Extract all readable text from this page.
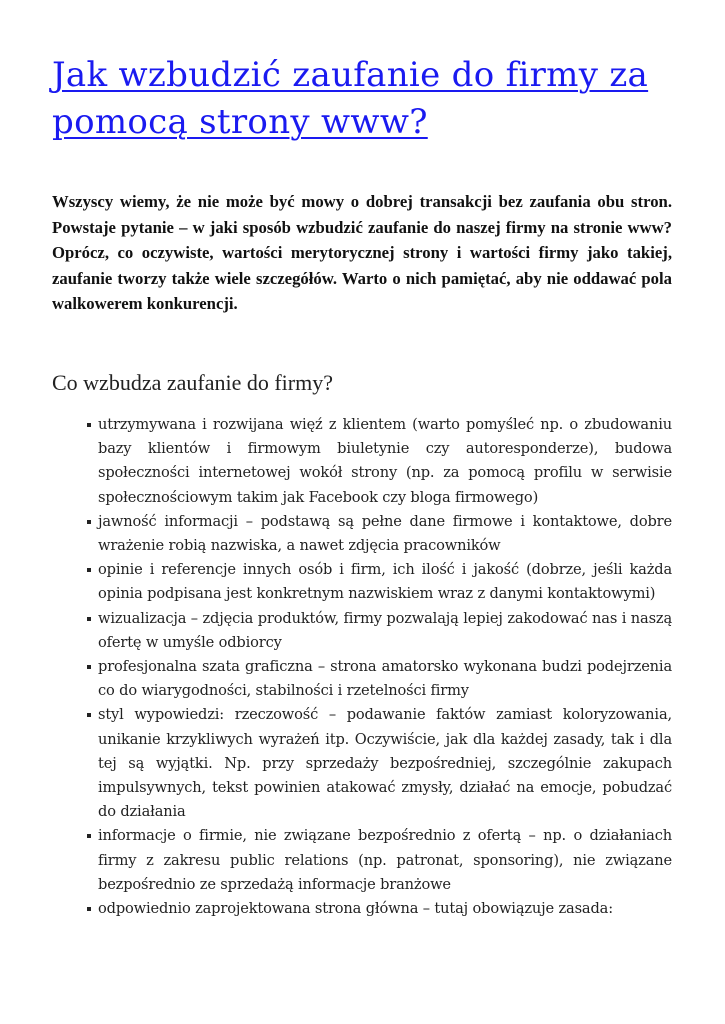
Jak wzbudzić zaufanie do firmy za pomocą strony www?

Wszyscy wiemy, że nie może być mowy o dobrej transakcji bez zaufania obu stron. Powstaje pytanie – w jaki sposób wzbudzić zaufanie do naszej firmy na stronie www? Oprócz, co oczywiste, wartości merytorycznej strony i wartości firmy jako takiej, zaufanie tworzy także wiele szczegółów. Warto o nich pamiętać, aby nie oddawać pola walkowerem konkurencji.

Co wzbudza zaufanie do firmy?
utrzymywana i rozwijana więź z klientem (warto pomyśleć np. o zbudowaniu bazy klientów i firmowym biuletynie czy autoresponderze), budowa społeczności internetowej wokół strony (np. za pomocą profilu w serwisie społecznościowym takim jak Facebook czy bloga firmowego)
jawność informacji – podstawą są pełne dane firmowe i kontaktowe, dobre wrażenie robią nazwiska, a nawet zdjęcia pracowników
opinie i referencje innych osób i firm, ich ilość i jakość (dobrze, jeśli każda opinia podpisana jest konkretnym nazwiskiem wraz z danymi kontaktowymi)
wizualizacja – zdjęcia produktów, firmy pozwalają lepiej zakodować nas i naszą ofertę w umyśle odbiorcy
profesjonalna szata graficzna – strona amatorsko wykonana budzi podejrzenia co do wiarygodności, stabilności i rzetelności firmy
styl wypowiedzi: rzeczowość – podawanie faktów zamiast koloryzowania, unikanie krzykliwych wyrażeń itp. Oczywiście, jak dla każdej zasady, tak i dla tej są wyjątki. Np. przy sprzedaży bezpośredniej, szczególnie zakupach impulsywnych, tekst powinien atakować zmysły, działać na emocje, pobudzać do działania
informacje o firmie, nie związane bezpośrednio z ofertą – np. o działaniach firmy z zakresu public relations (np. patronat, sponsoring), nie związane bezpośrednio ze sprzedażą informacje branżowe
odpowiednio zaprojektowana strona główna – tutaj obowiązuje zasada:
